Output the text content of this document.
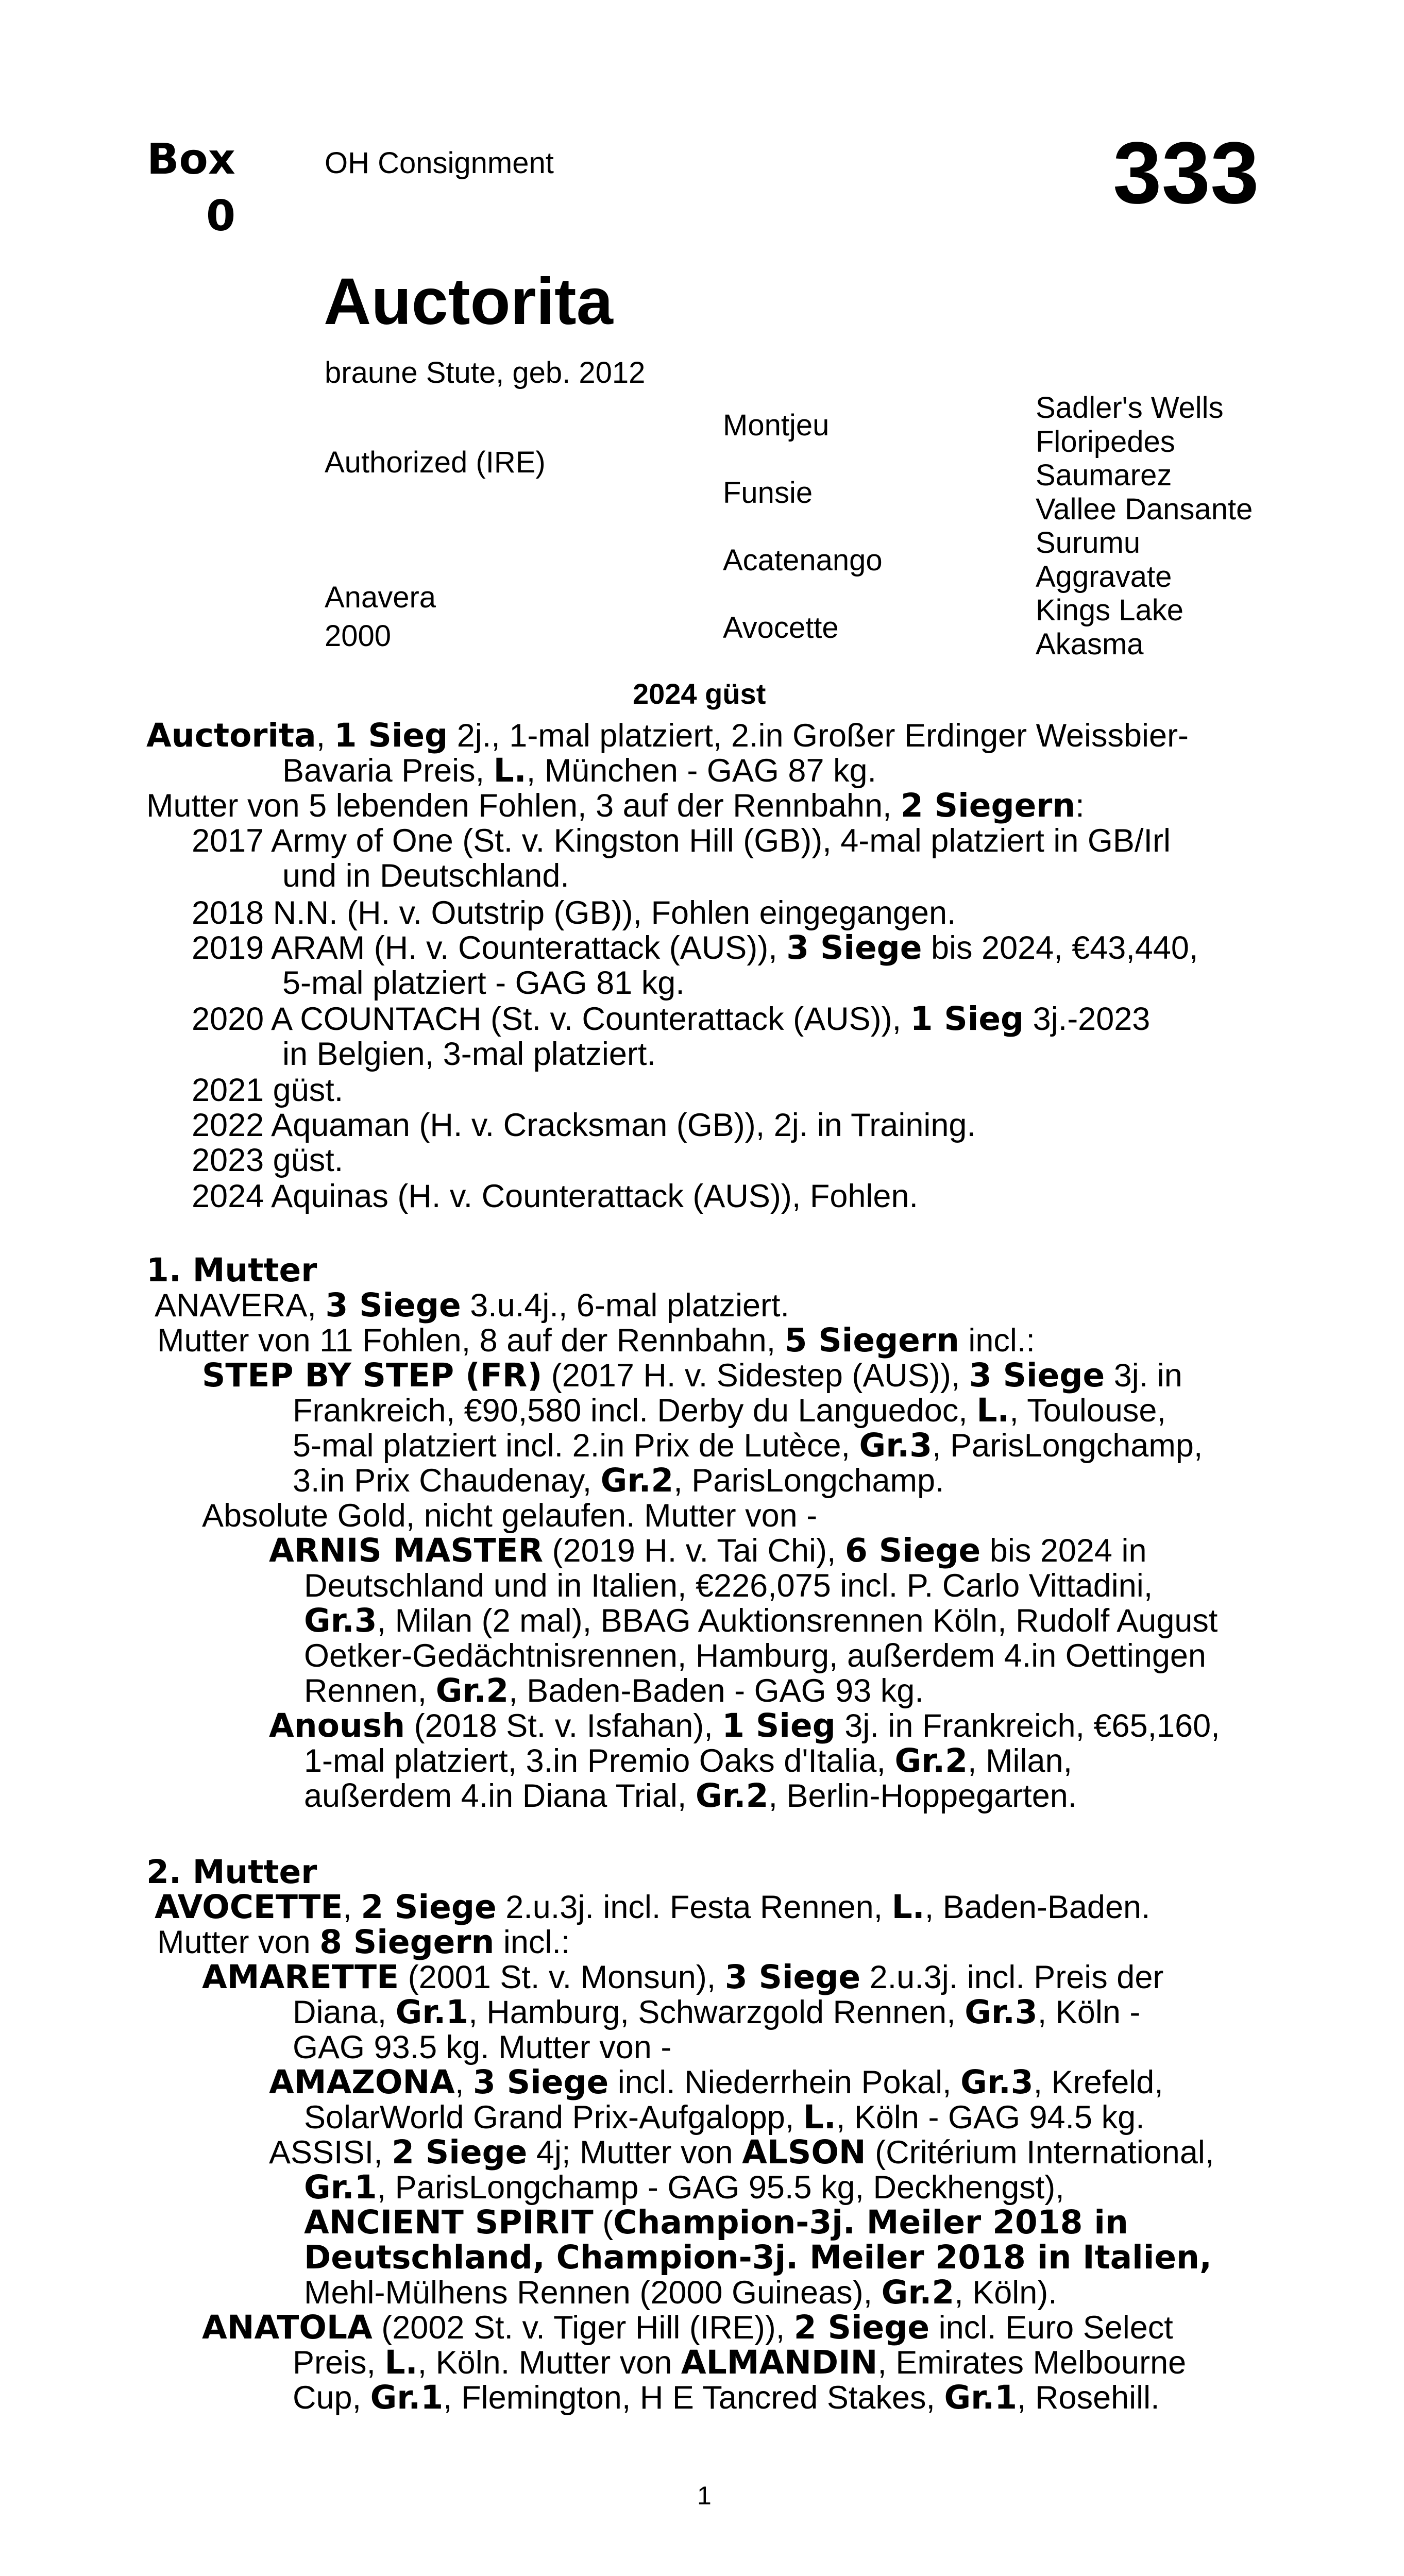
Box
0
OH Consignment	333
Auctorita
braune Stute, geb. 2012
Authorized (IRE)
Anavera
2000
Montjeu
Funsie
Acatenango
Avocette
Sadler's Wells
Floripedes
Saumarez
Vallee Dansante
Surumu
Aggravate
Kings Lake
Akasma
2024 güst
Auctorita, 1 Sieg 2j., 1-mal platziert, 2.in Großer Erdinger Weissbier-
Bavaria Preis, L., München - GAG 87 kg.
Mutter von 5 lebenden Fohlen, 3 auf der Rennbahn, 2 Siegern:
2017 Army of One (St. v. Kingston Hill (GB)), 4-mal platziert in GB/Irl
und in Deutschland.
2018 N.N. (H. v. Outstrip (GB)), Fohlen eingegangen.
2019 ARAM (H. v. Counterattack (AUS)), 3 Siege bis 2024, €43,440,
5-mal platziert - GAG 81 kg.
2020 A COUNTACH (St. v. Counterattack (AUS)), 1 Sieg 3j.-2023
in Belgien, 3-mal platziert.
2021 güst.
2022 Aquaman (H. v. Cracksman (GB)), 2j. in Training.
2023 güst.
2024 Aquinas (H. v. Counterattack (AUS)), Fohlen.
1. Mutter
ANAVERA, 3 Siege 3.u.4j., 6-mal platziert.
Mutter von 11 Fohlen, 8 auf der Rennbahn, 5 Siegern incl.:
STEP BY STEP (FR) (2017 H. v. Sidestep (AUS)), 3 Siege 3j. in
Frankreich, €90,580 incl. Derby du Languedoc, L., Toulouse,
5-mal platziert incl. 2.in Prix de Lutèce, Gr.3, ParisLongchamp,
3.in Prix Chaudenay, Gr.2, ParisLongchamp.
Absolute Gold, nicht gelaufen. Mutter von -
ARNIS MASTER (2019 H. v. Tai Chi), 6 Siege bis 2024 in
Deutschland und in Italien, €226,075 incl. P. Carlo Vittadini,
Gr.3, Milan (2 mal), BBAG Auktionsrennen Köln, Rudolf August
Oetker-Gedächtnisrennen, Hamburg, außerdem 4.in Oettingen
Rennen, Gr.2, Baden-Baden - GAG 93 kg.
Anoush (2018 St. v. Isfahan), 1 Sieg 3j. in Frankreich, €65,160,
1-mal platziert, 3.in Premio Oaks d'Italia, Gr.2, Milan,
außerdem 4.in Diana Trial, Gr.2, Berlin-Hoppegarten.
2. Mutter
AVOCETTE, 2 Siege 2.u.3j. incl. Festa Rennen, L., Baden-Baden.
Mutter von 8 Siegern incl.:
AMARETTE (2001 St. v. Monsun), 3 Siege 2.u.3j. incl. Preis der
Diana, Gr.1, Hamburg, Schwarzgold Rennen, Gr.3, Köln -
GAG 93.5 kg. Mutter von -
AMAZONA, 3 Siege incl. Niederrhein Pokal, Gr.3, Krefeld,
SolarWorld Grand Prix-Aufgalopp, L., Köln - GAG 94.5 kg.
ASSISI, 2 Siege 4j; Mutter von ALSON (Critérium International,
Gr.1, ParisLongchamp - GAG 95.5 kg, Deckhengst),
ANCIENT SPIRIT (Champion-3j. Meiler 2018 in
Deutschland, Champion-3j. Meiler 2018 in Italien,
Mehl-Mülhens Rennen (2000 Guineas), Gr.2, Köln).
ANATOLA (2002 St. v. Tiger Hill (IRE)), 2 Siege incl. Euro Select
Preis, L., Köln. Mutter von ALMANDIN, Emirates Melbourne
Cup, Gr.1, Flemington, H E Tancred Stakes, Gr.1, Rosehill.
1
